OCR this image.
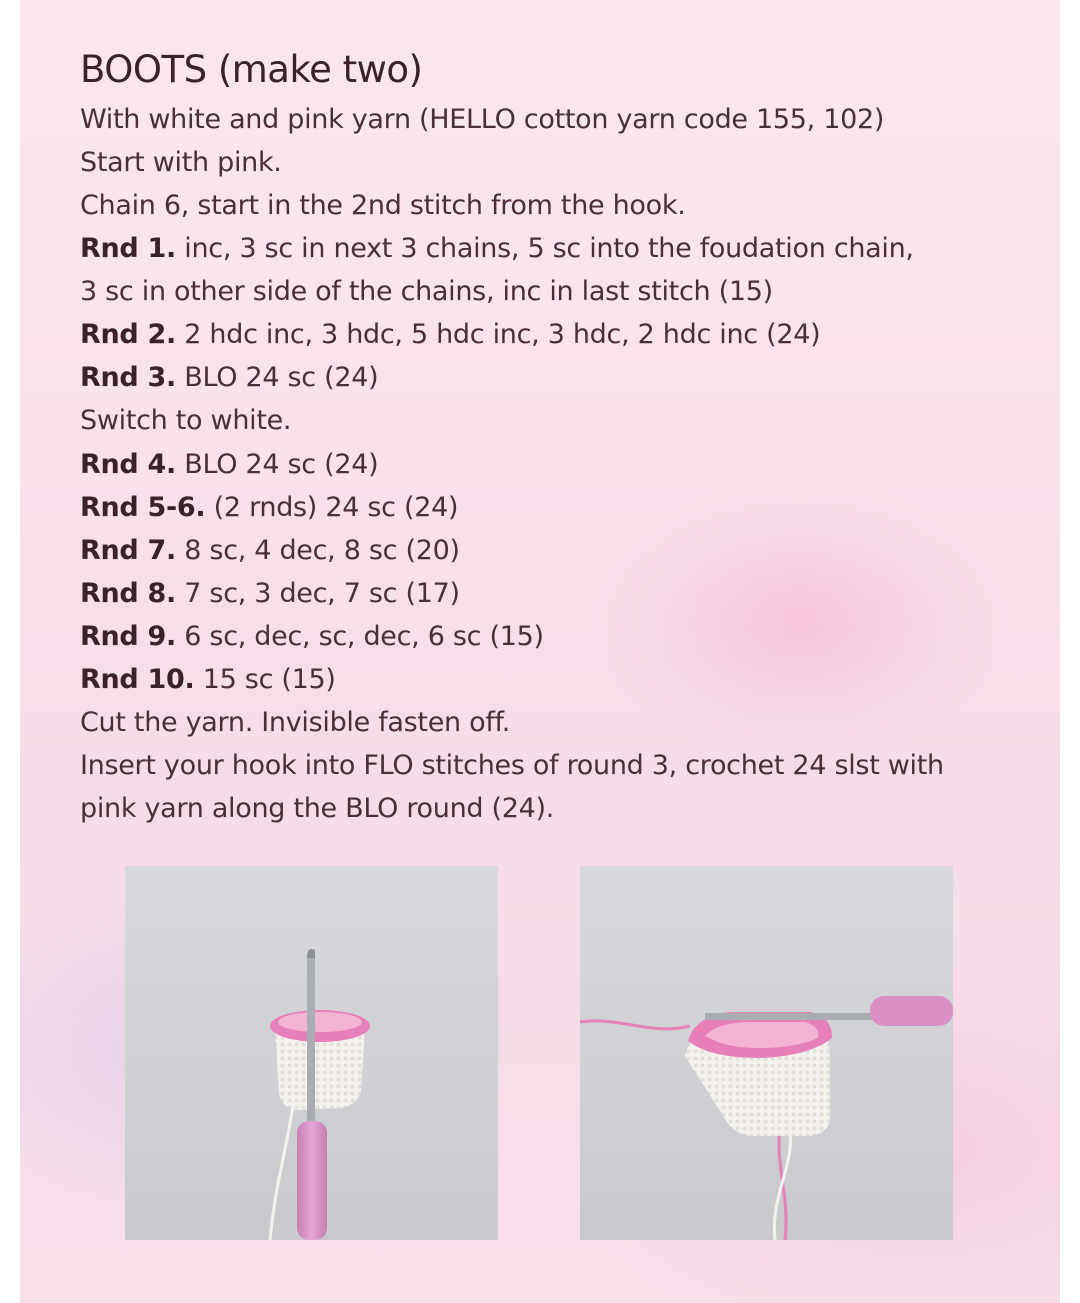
BOOTS (make two)
With white and pink yarn (HELLO cotton yarn code 155, 102)
Start with pink.
Chain 6, start in the 2nd stitch from the hook.
Rnd 1. inc, 3 sc in next 3 chains, 5 sc into the foudation chain,
3 sc in other side of the chains, inc in last stitch (15)
Rnd 2. 2 hdc inc, 3 hdc, 5 hdc inc, 3 hdc, 2 hdc inc (24)
Rnd 3. BLO 24 sc (24)
Switch to white.
Rnd 4. BLO 24 sc (24)
Rnd 5-6. (2 rnds) 24 sc (24)
Rnd 7. 8 sc, 4 dec, 8 sc (20)
Rnd 8. 7 sc, 3 dec, 7 sc (17)
Rnd 9. 6 sc, dec, sc, dec, 6 sc (15)
Rnd 10. 15 sc (15)
Cut the yarn. Invisible fasten off.
Insert your hook into FLO stitches of round 3, crochet 24 slst with
pink yarn along the BLO round (24).
